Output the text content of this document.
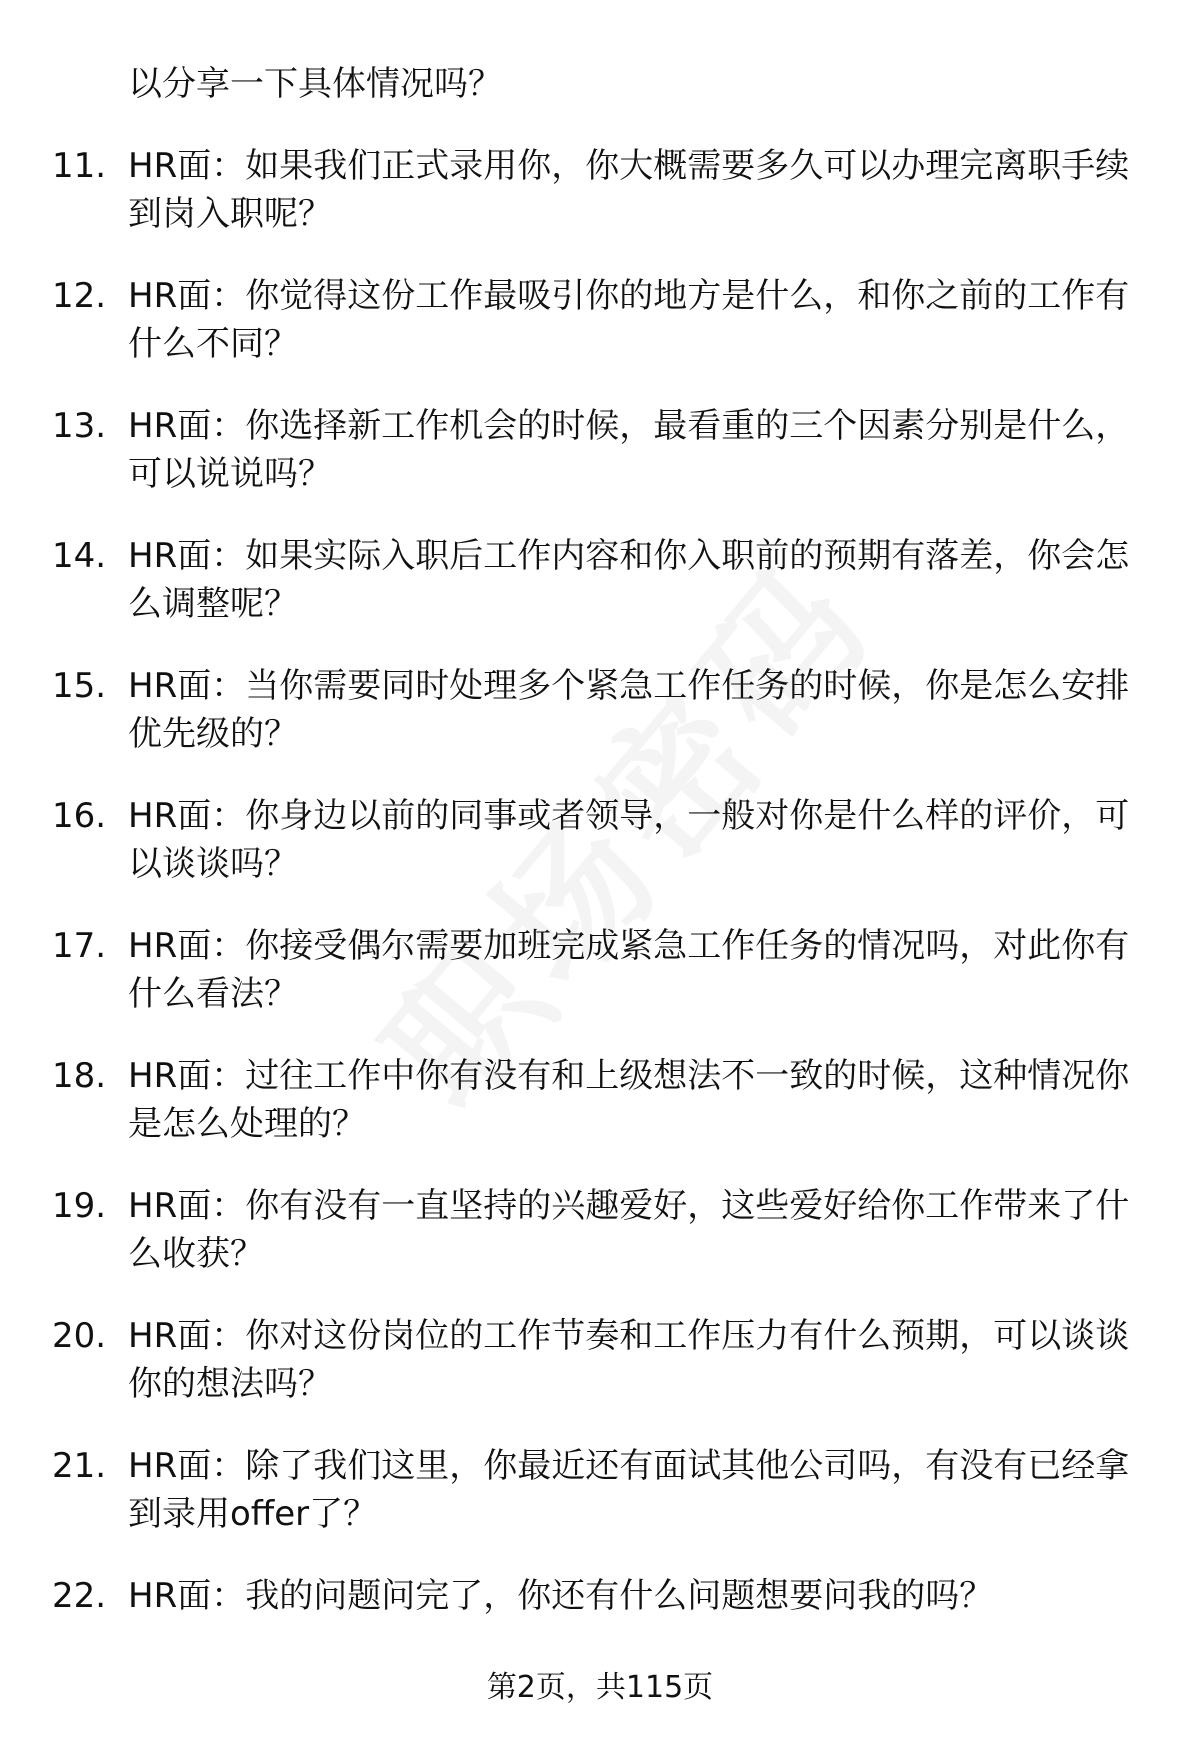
以分享一下具体情况吗？
11. HR面：如果我们正式录用你，你大概需要多久可以办理完离职手续到岗入职呢？
12. HR面：你觉得这份工作最吸引你的地方是什么，和你之前的工作有什么不同？
13. HR面：你选择新工作机会的时候，最看重的三个因素分别是什么，可以说说吗？
14. HR面：如果实际入职后工作内容和你入职前的预期有落差，你会怎么调整呢？
15. HR面：当你需要同时处理多个紧急工作任务的时候，你是怎么安排优先级的？
16. HR面：你身边以前的同事或者领导，一般对你是什么样的评价，可以谈谈吗？
17. HR面：你接受偶尔需要加班完成紧急工作任务的情况吗，对此你有什么看法？
18. HR面：过往工作中你有没有和上级想法不一致的时候，这种情况你是怎么处理的？
19. HR面：你有没有一直坚持的兴趣爱好，这些爱好给你工作带来了什么收获？
20. HR面：你对这份岗位的工作节奏和工作压力有什么预期，可以谈谈你的想法吗？
21. HR面：除了我们这里，你最近还有面试其他公司吗，有没有已经拿到录用offer了？
22. HR面：我的问题问完了，你还有什么问题想要问我的吗？
第2页，共115页
